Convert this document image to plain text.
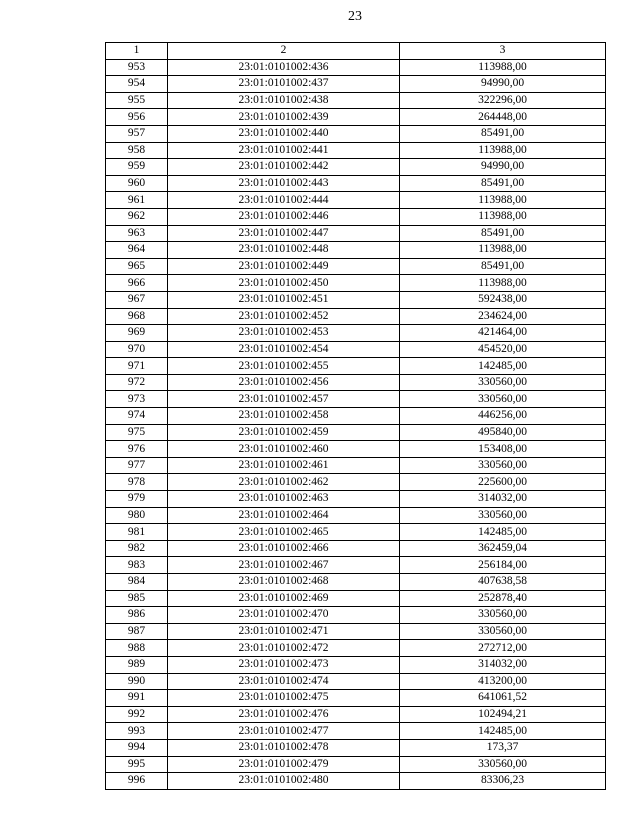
23
1	2	3
953	23:01:0101002:436	113988,00
954	23:01:0101002:437	94990,00
955	23:01:0101002:438	322296,00
956	23:01:0101002:439	264448,00
957	23:01:0101002:440	85491,00
958	23:01:0101002:441	113988,00
959	23:01:0101002:442	94990,00
960	23:01:0101002:443	85491,00
961	23:01:0101002:444	113988,00
962	23:01:0101002:446	113988,00
963	23:01:0101002:447	85491,00
964	23:01:0101002:448	113988,00
965	23:01:0101002:449	85491,00
966	23:01:0101002:450	113988,00
967	23:01:0101002:451	592438,00
968	23:01:0101002:452	234624,00
969	23:01:0101002:453	421464,00
970	23:01:0101002:454	454520,00
971	23:01:0101002:455	142485,00
972	23:01:0101002:456	330560,00
973	23:01:0101002:457	330560,00
974	23:01:0101002:458	446256,00
975	23:01:0101002:459	495840,00
976	23:01:0101002:460	153408,00
977	23:01:0101002:461	330560,00
978	23:01:0101002:462	225600,00
979	23:01:0101002:463	314032,00
980	23:01:0101002:464	330560,00
981	23:01:0101002:465	142485,00
982	23:01:0101002:466	362459,04
983	23:01:0101002:467	256184,00
984	23:01:0101002:468	407638,58
985	23:01:0101002:469	252878,40
986	23:01:0101002:470	330560,00
987	23:01:0101002:471	330560,00
988	23:01:0101002:472	272712,00
989	23:01:0101002:473	314032,00
990	23:01:0101002:474	413200,00
991	23:01:0101002:475	641061,52
992	23:01:0101002:476	102494,21
993	23:01:0101002:477	142485,00
994	23:01:0101002:478	173,37
995	23:01:0101002:479	330560,00
996	23:01:0101002:480	83306,23
